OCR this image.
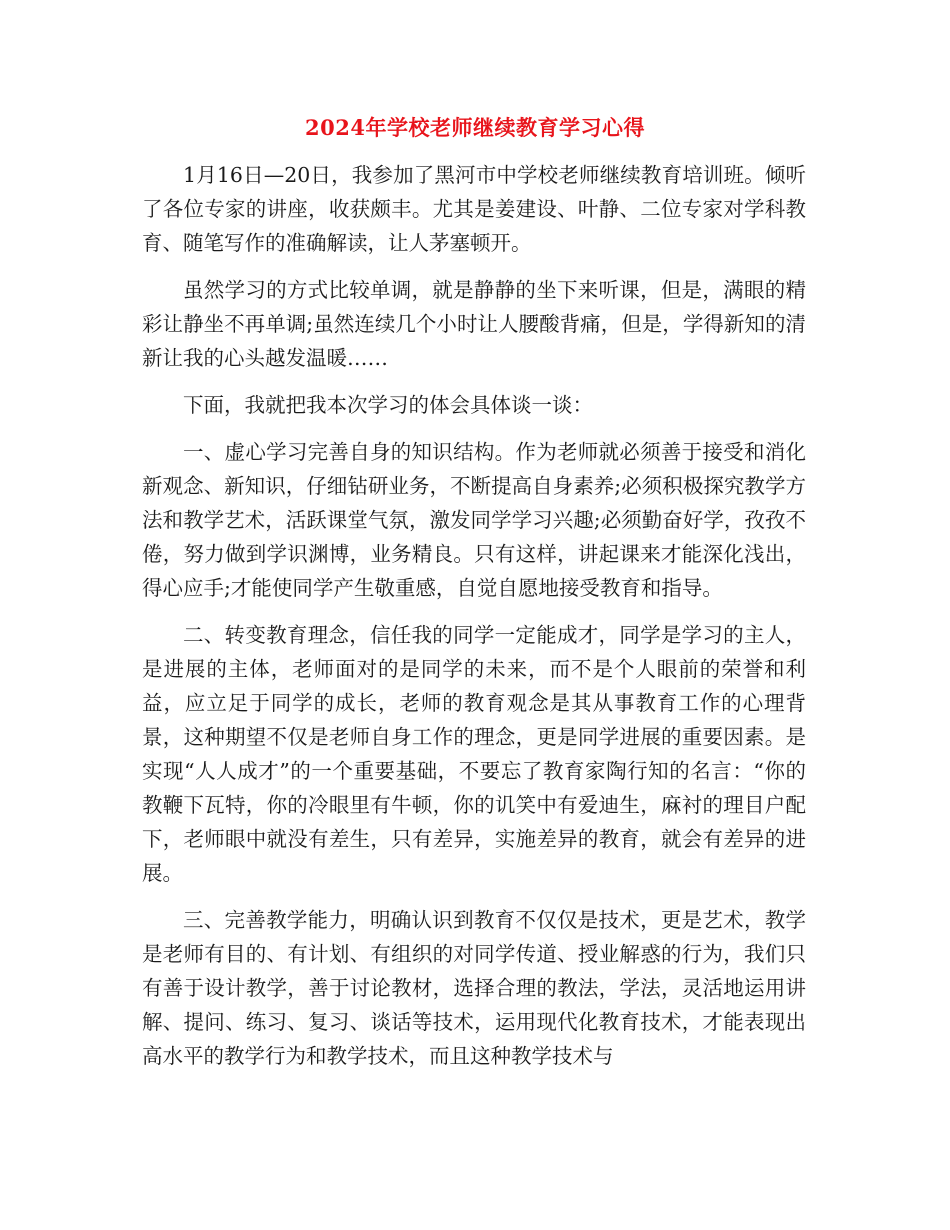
2024年学校老师继续教育学习心得

1月16日—20日，我参加了黑河市中学校老师继续教育培训班。倾听了各位专家的讲座，收获颇丰。尤其是姜建设、叶静、二位专家对学科教育、随笔写作的准确解读，让人茅塞顿开。

虽然学习的方式比较单调，就是静静的坐下来听课，但是，满眼的精彩让静坐不再单调;虽然连续几个小时让人腰酸背痛，但是，学得新知的清新让我的心头越发温暖……

下面，我就把我本次学习的体会具体谈一谈：

一、虚心学习完善自身的知识结构。作为老师就必须善于接受和消化新观念、新知识，仔细钻研业务，不断提高自身素养;必须积极探究教学方法和教学艺术，活跃课堂气氛，激发同学学习兴趣;必须勤奋好学，孜孜不倦，努力做到学识渊博，业务精良。只有这样，讲起课来才能深化浅出，得心应手;才能使同学产生敬重感，自觉自愿地接受教育和指导。

二、转变教育理念，信任我的同学一定能成才，同学是学习的主人，是进展的主体，老师面对的是同学的未来，而不是个人眼前的荣誉和利益，应立足于同学的成长，老师的教育观念是其从事教育工作的心理背景，这种期望不仅是老师自身工作的理念，更是同学进展的重要因素。是实现“人人成才”的一个重要基础，不要忘了教育家陶行知的名言：“你的教鞭下瓦特，你的冷眼里有牛顿，你的讥笑中有爱迪生，麻衬的理目户配下，老师眼中就没有差生，只有差异，实施差异的教育，就会有差异的进展。

三、完善教学能力，明确认识到教育不仅仅是技术，更是艺术，教学是老师有目的、有计划、有组织的对同学传道、授业解惑的行为，我们只有善于设计教学，善于讨论教材，选择合理的教法，学法，灵活地运用讲解、提问、练习、复习、谈话等技术，运用现代化教育技术，才能表现出高水平的教学行为和教学技术，而且这种教学技术与
